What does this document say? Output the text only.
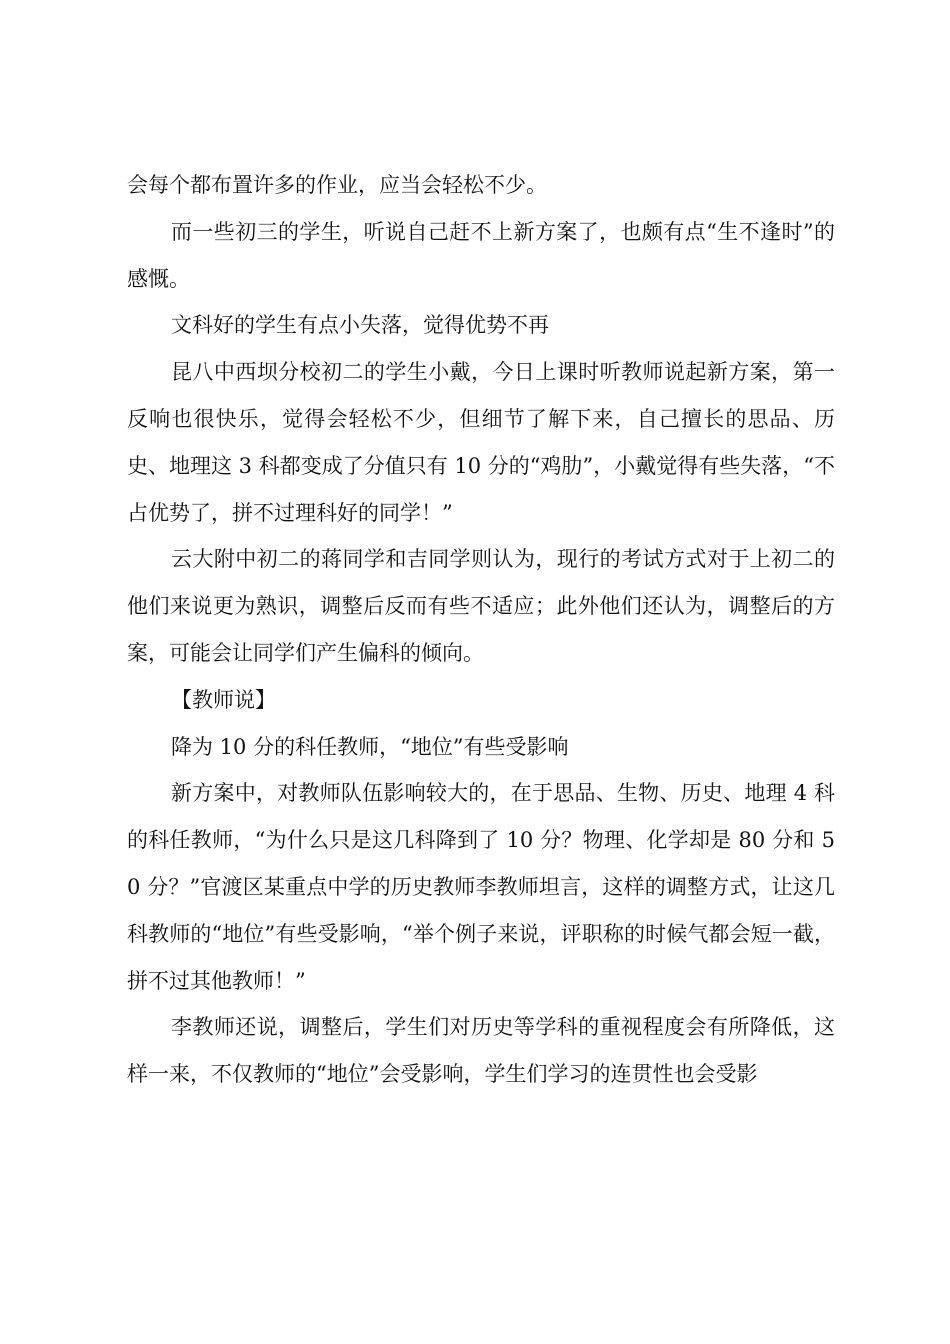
会每个都布置许多的作业，应当会轻松不少。

而一些初三的学生，听说自己赶不上新方案了，也颇有点“生不逢时”的感慨。

文科好的学生有点小失落，觉得优势不再

昆八中西坝分校初二的学生小戴，今日上课时听教师说起新方案，第一反响也很快乐，觉得会轻松不少，但细节了解下来，自己擅长的思品、历史、地理这 3 科都变成了分值只有 10 分的“鸡肋”，小戴觉得有些失落，“不占优势了，拼不过理科好的同学！”

云大附中初二的蒋同学和吉同学则认为，现行的考试方式对于上初二的他们来说更为熟识，调整后反而有些不适应；此外他们还认为，调整后的方案，可能会让同学们产生偏科的倾向。

【教师说】

降为 10 分的科任教师，“地位”有些受影响

新方案中，对教师队伍影响较大的，在于思品、生物、历史、地理 4 科的科任教师，“为什么只是这几科降到了 10 分？物理、化学却是 80 分和 50 分？”官渡区某重点中学的历史教师李教师坦言，这样的调整方式，让这几科教师的“地位”有些受影响，“举个例子来说，评职称的时候气都会短一截，拼不过其他教师！”

李教师还说，调整后，学生们对历史等学科的重视程度会有所降低，这样一来，不仅教师的“地位”会受影响，学生们学习的连贯性也会受影
